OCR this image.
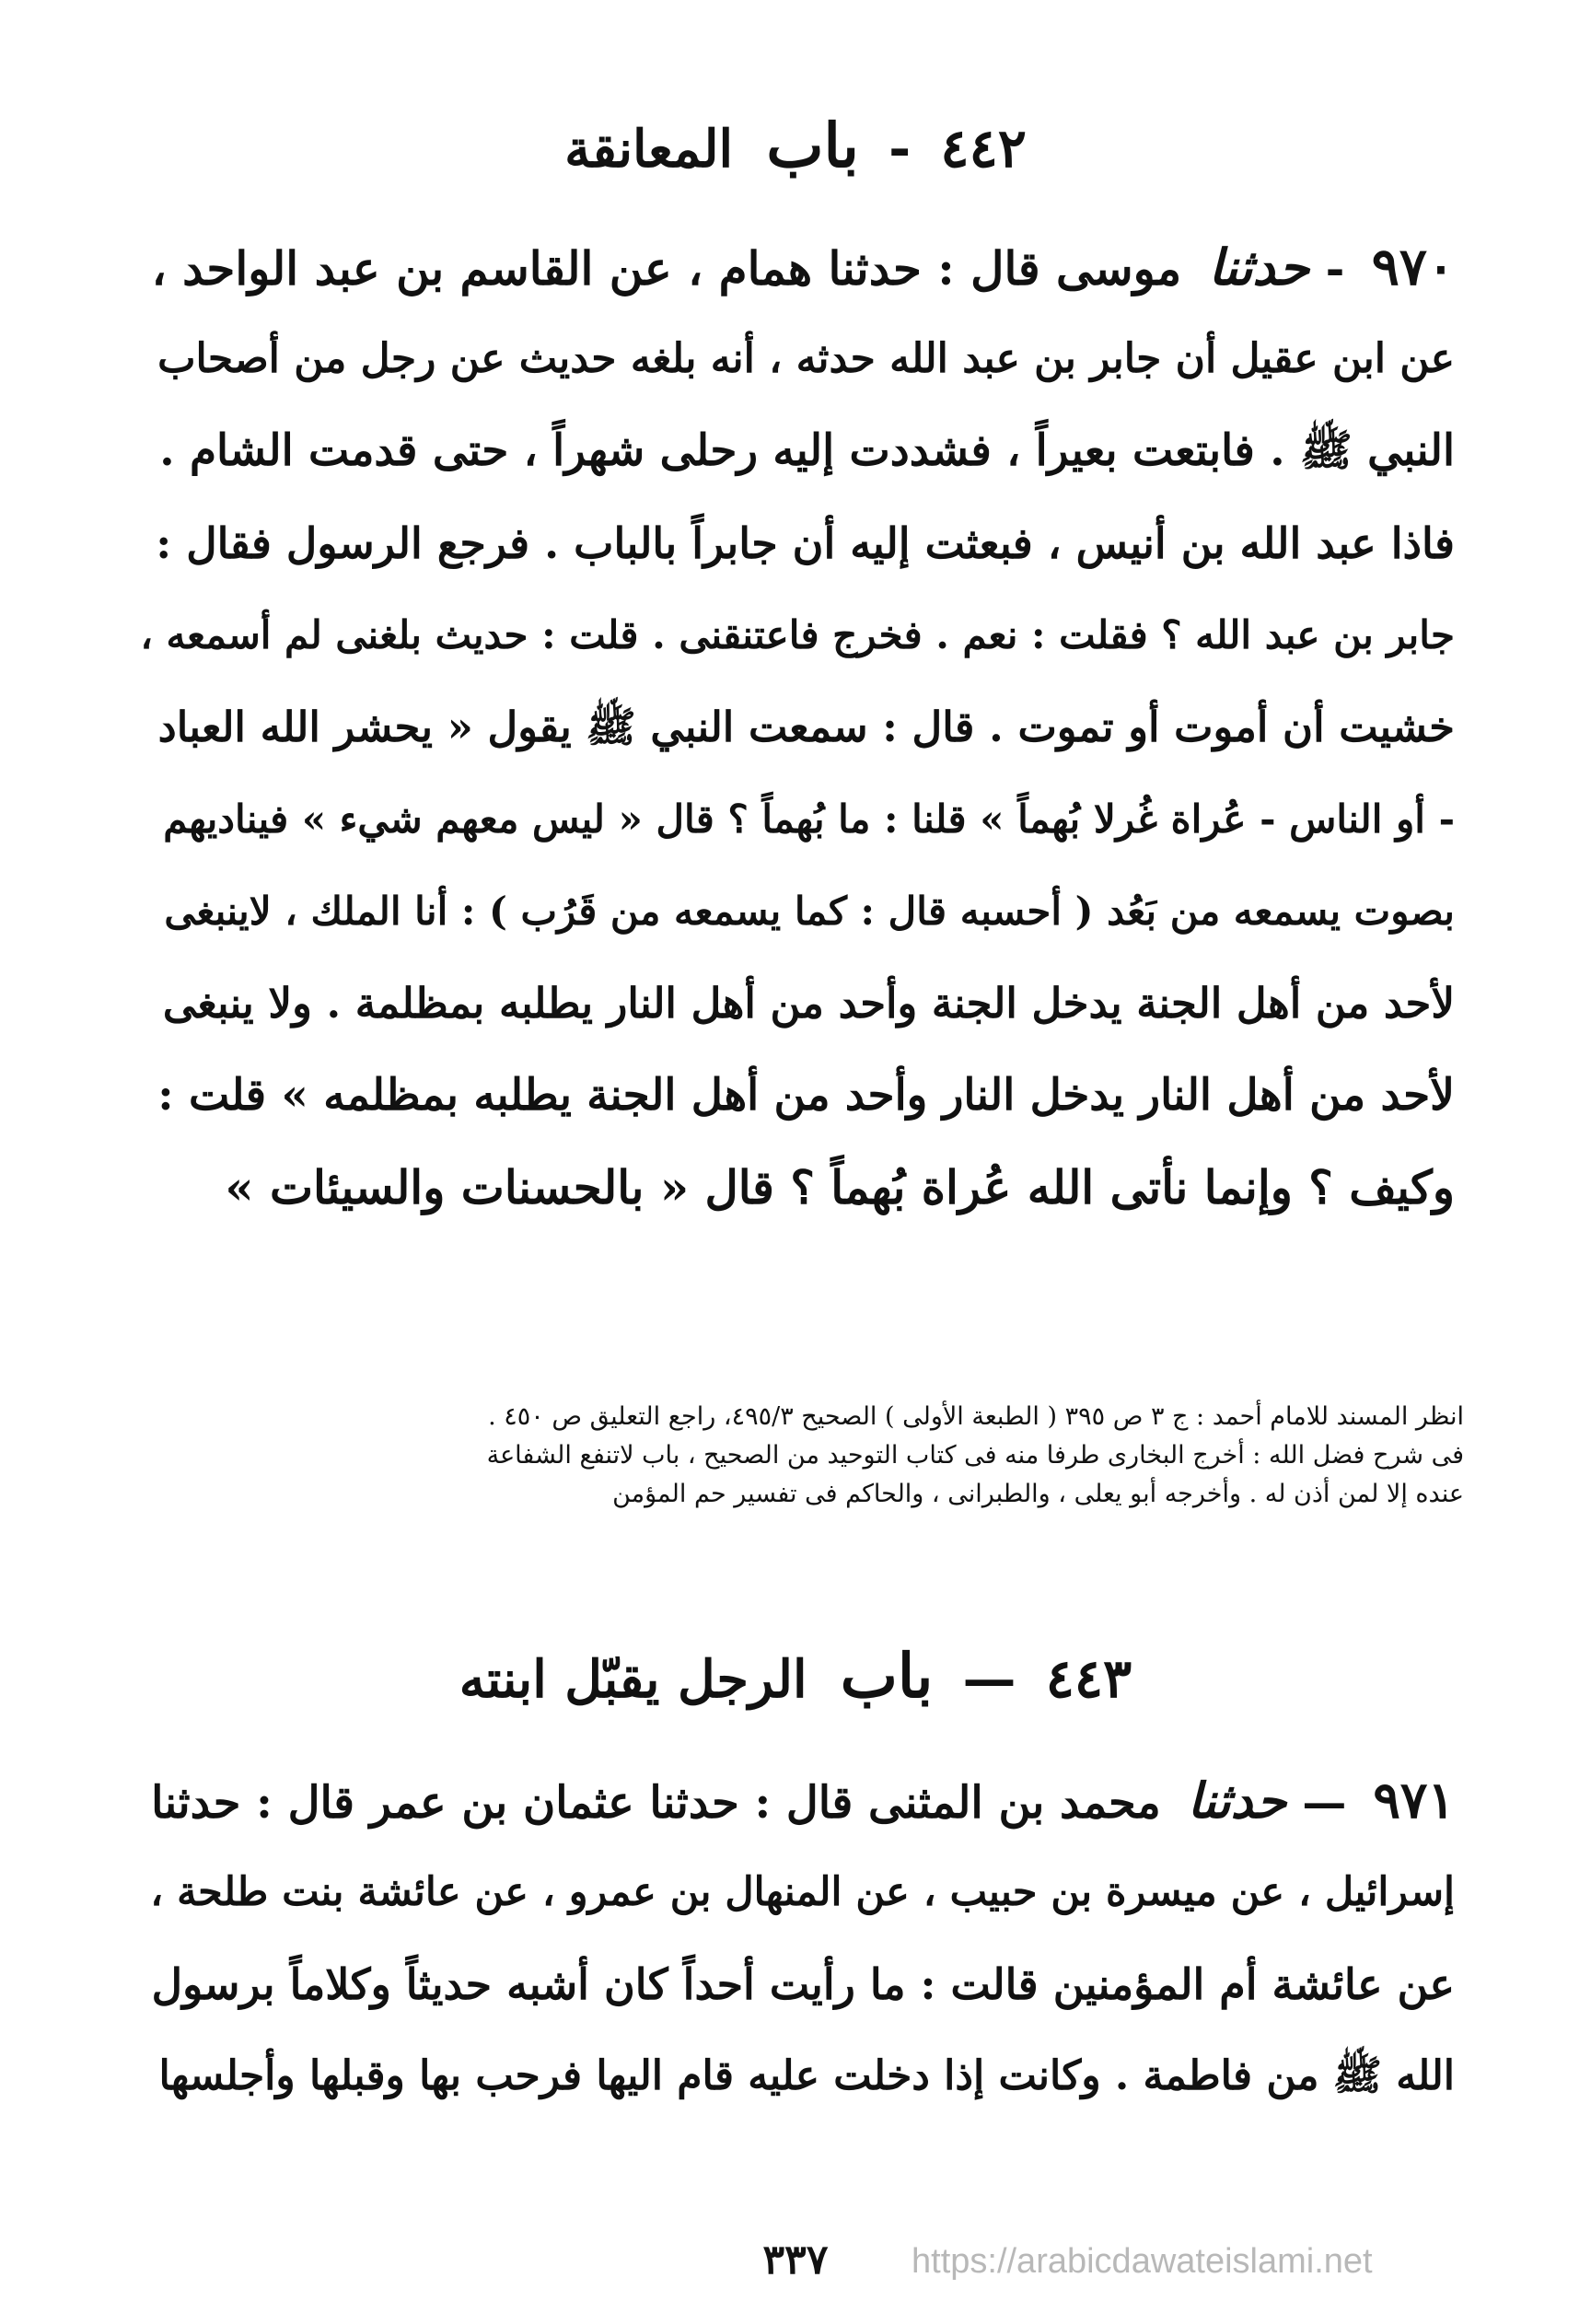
٤٤٢ - باب المعانقة
٩٧٠ - حدثنا موسى قال : حدثنا همام ، عن القاسم بن عبد الواحد ،
عن ابن عقيل أن جابر بن عبد الله حدثه ، أنه بلغه حديث عن رجل من أصحاب
النبي ﷺ . فابتعت بعيراً ، فشددت إليه رحلى شهراً ، حتى قدمت الشام .
فاذا عبد الله بن أنيس ، فبعثت إليه أن جابراً بالباب . فرجع الرسول فقال :
جابر بن عبد الله ؟ فقلت : نعم . فخرج فاعتنقنى . قلت : حديث بلغنى لم أسمعه ،
خشيت أن أموت أو تموت . قال : سمعت النبي ﷺ يقول « يحشر الله العباد
- أو الناس - عُراة غُرلا بُهماً » قلنا : ما بُهماً ؟ قال « ليس معهم شيء » فيناديهم
بصوت يسمعه من بَعُد ( أحسبه قال : كما يسمعه من قَرُب ) : أنا الملك ، لاينبغى
لأحد من أهل الجنة يدخل الجنة وأحد من أهل النار يطلبه بمظلمة . ولا ينبغى
لأحد من أهل النار يدخل النار وأحد من أهل الجنة يطلبه بمظلمه » قلت :
وكيف ؟ وإنما نأتى الله عُراة بُهماً ؟ قال « بالحسنات والسيئات »
انظر المسند للامام أحمد : ج ٣ ص ٣٩٥ ( الطبعة الأولى ) الصحيح ٤٩٥/٣، راجع التعليق ص ٤٥٠ .
فى شرح فضل الله : أخرج البخارى طرفا منه فى كتاب التوحيد من الصحيح ، باب لاتنفع الشفاعة
عنده إلا لمن أذن له . وأخرجه أبو يعلى ، والطبرانى ، والحاكم فى تفسير حم المؤمن
٤٤٣ — باب الرجل يقبّل ابنته
٩٧١ — حدثنا محمد بن المثنى قال : حدثنا عثمان بن عمر قال : حدثنا
إسرائيل ، عن ميسرة بن حبيب ، عن المنهال بن عمرو ، عن عائشة بنت طلحة ،
عن عائشة أم المؤمنين قالت : ما رأيت أحداً كان أشبه حديثاً وكلاماً برسول
الله ﷺ من فاطمة . وكانت إذا دخلت عليه قام اليها فرحب بها وقبلها وأجلسها
٣٣٧	https://arabicdawateislami.net
